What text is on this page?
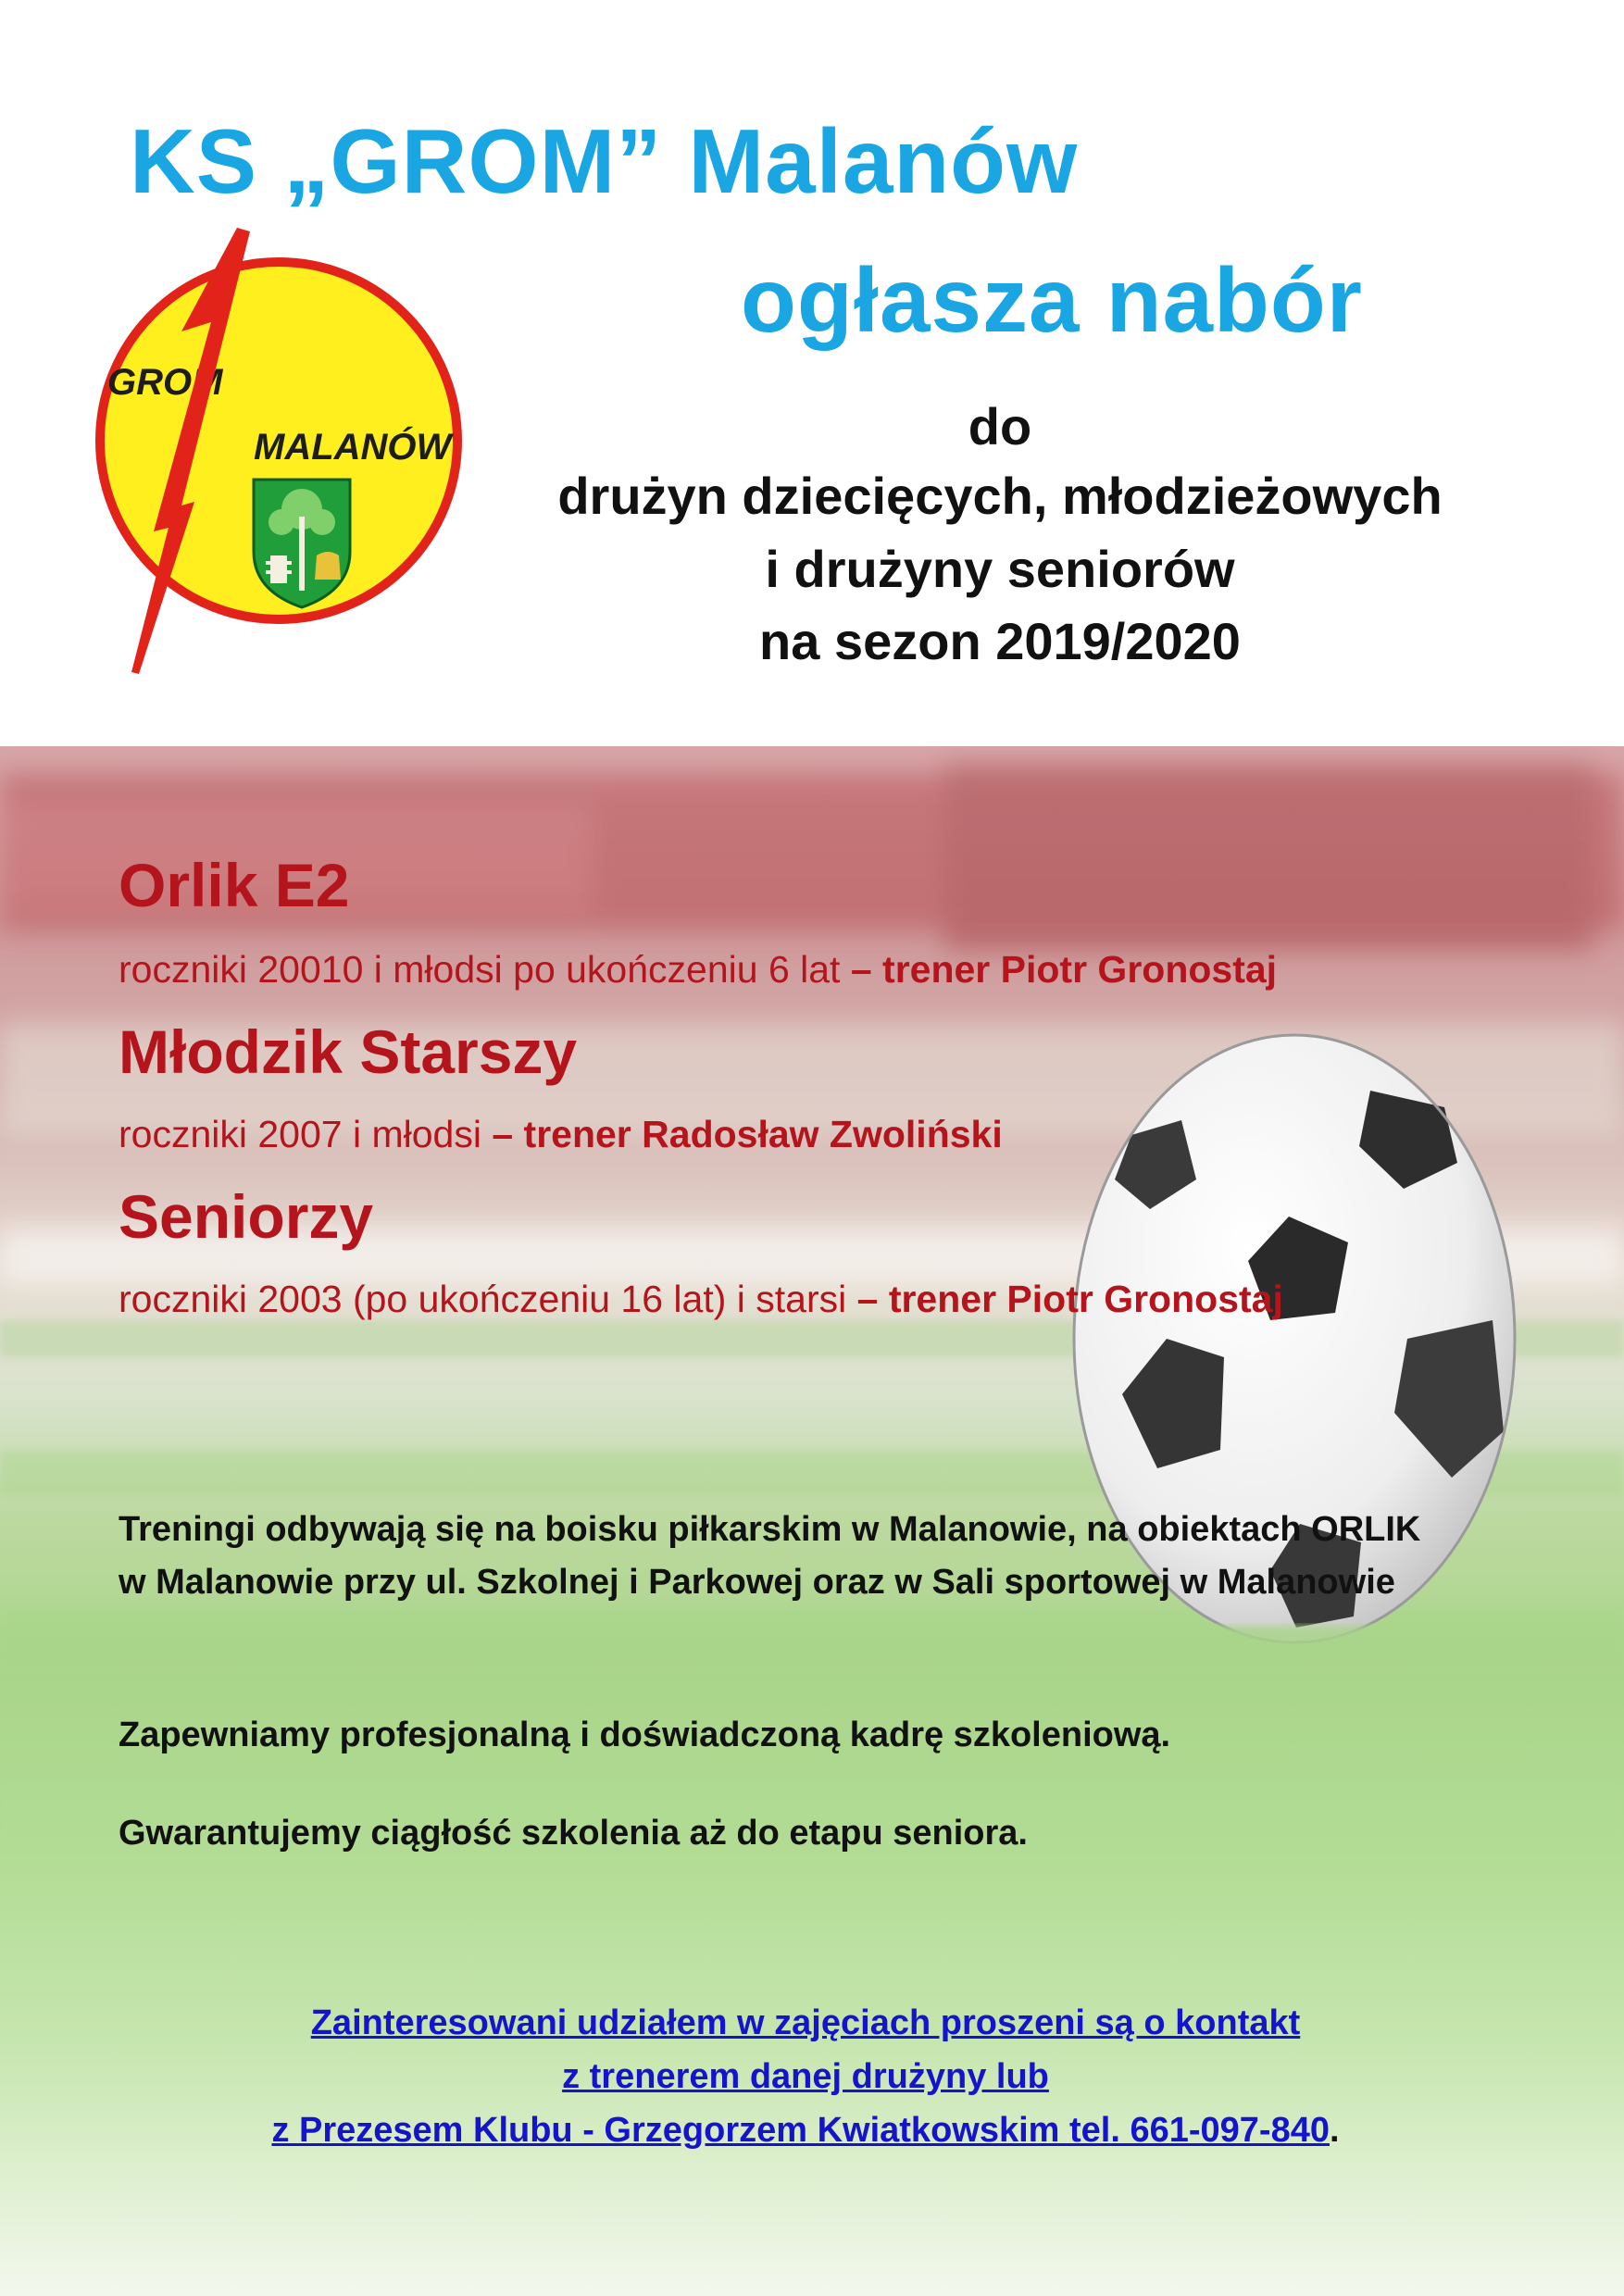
KS „GROM” Malanów
ogłasza nabór

do

drużyn dziecięcych, młodzieżowych

i drużyny seniorów

na sezon 2019/2020

GROM
MALANÓW

Orlik E2

roczniki 20010 i młodsi po ukończeniu 6 lat – trener Piotr Gronostaj

Młodzik Starszy

roczniki 2007 i młodsi – trener Radosław Zwoliński

Seniorzy

roczniki 2003 (po ukończeniu 16 lat) i starsi – trener Piotr Gronostaj

Treningi odbywają się na boisku piłkarskim w Malanowie, na obiektach ORLIK w Malanowie przy ul. Szkolnej i Parkowej oraz w Sali sportowej w Malanowie

Zapewniamy profesjonalną i doświadczoną kadrę szkoleniową.

Gwarantujemy ciągłość szkolenia aż do etapu seniora.

Zainteresowani udziałem w zajęciach proszeni są o kontakt
z trenerem danej drużyny lub
z Prezesem Klubu - Grzegorzem Kwiatkowskim tel. 661-097-840.
